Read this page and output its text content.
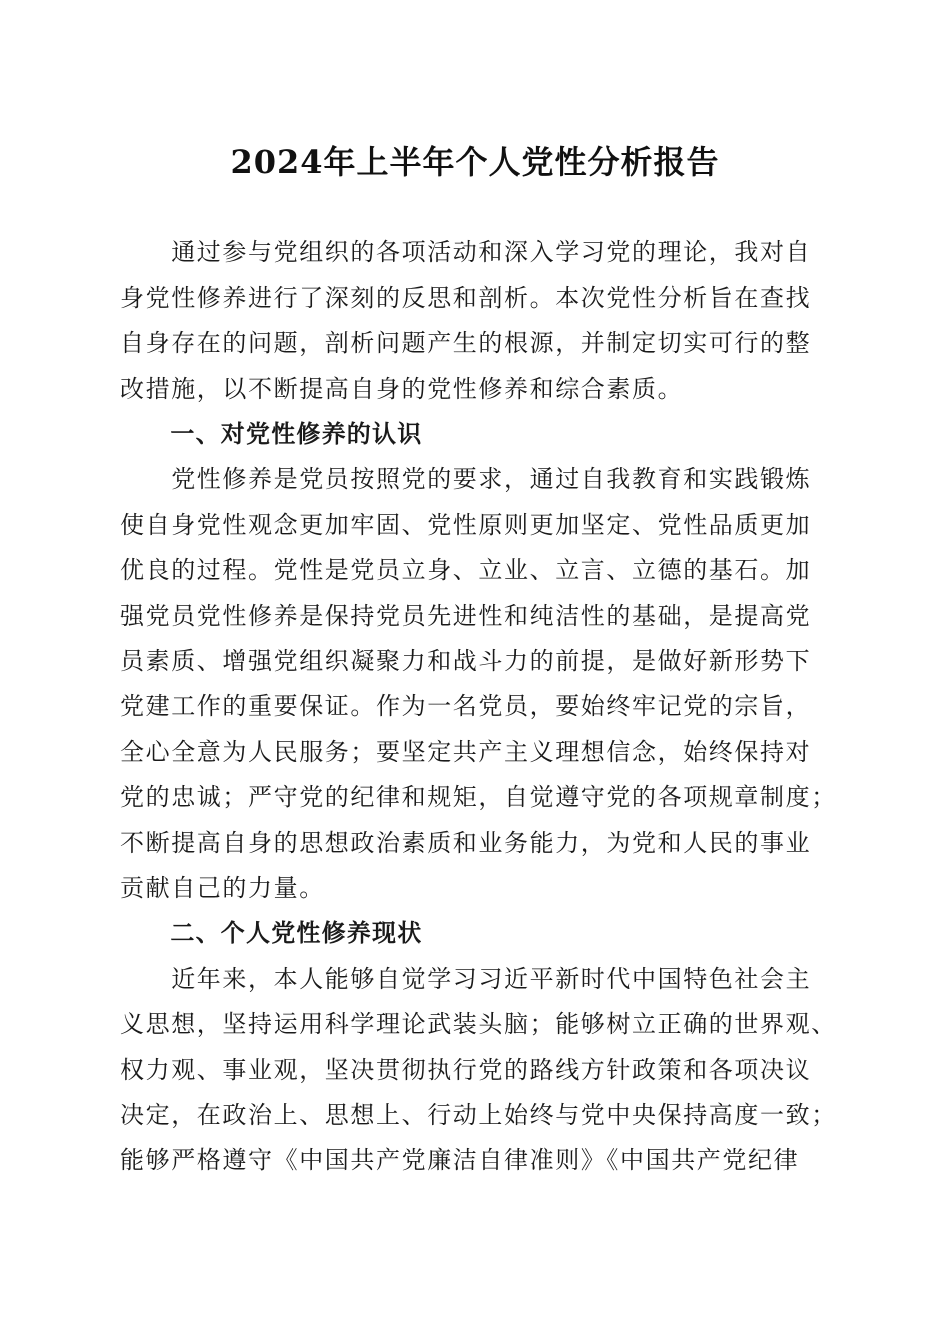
2024年上半年个人党性分析报告
　　通过参与党组织的各项活动和深入学习党的理论，我对自
身党性修养进行了深刻的反思和剖析。本次党性分析旨在查找
自身存在的问题，剖析问题产生的根源，并制定切实可行的整
改措施，以不断提高自身的党性修养和综合素质。
　　一、对党性修养的认识
　　党性修养是党员按照党的要求，通过自我教育和实践锻炼
使自身党性观念更加牢固、党性原则更加坚定、党性品质更加
优良的过程。党性是党员立身、立业、立言、立德的基石。加
强党员党性修养是保持党员先进性和纯洁性的基础，是提高党
员素质、增强党组织凝聚力和战斗力的前提，是做好新形势下
党建工作的重要保证。作为一名党员，要始终牢记党的宗旨，
全心全意为人民服务；要坚定共产主义理想信念，始终保持对
党的忠诚；严守党的纪律和规矩，自觉遵守党的各项规章制度；
不断提高自身的思想政治素质和业务能力，为党和人民的事业
贡献自己的力量。
　　二、个人党性修养现状
　　近年来，本人能够自觉学习习近平新时代中国特色社会主
义思想，坚持运用科学理论武装头脑；能够树立正确的世界观、
权力观、事业观，坚决贯彻执行党的路线方针政策和各项决议
决定，在政治上、思想上、行动上始终与党中央保持高度一致；
能够严格遵守《中国共产党廉洁自律准则》《中国共产党纪律
